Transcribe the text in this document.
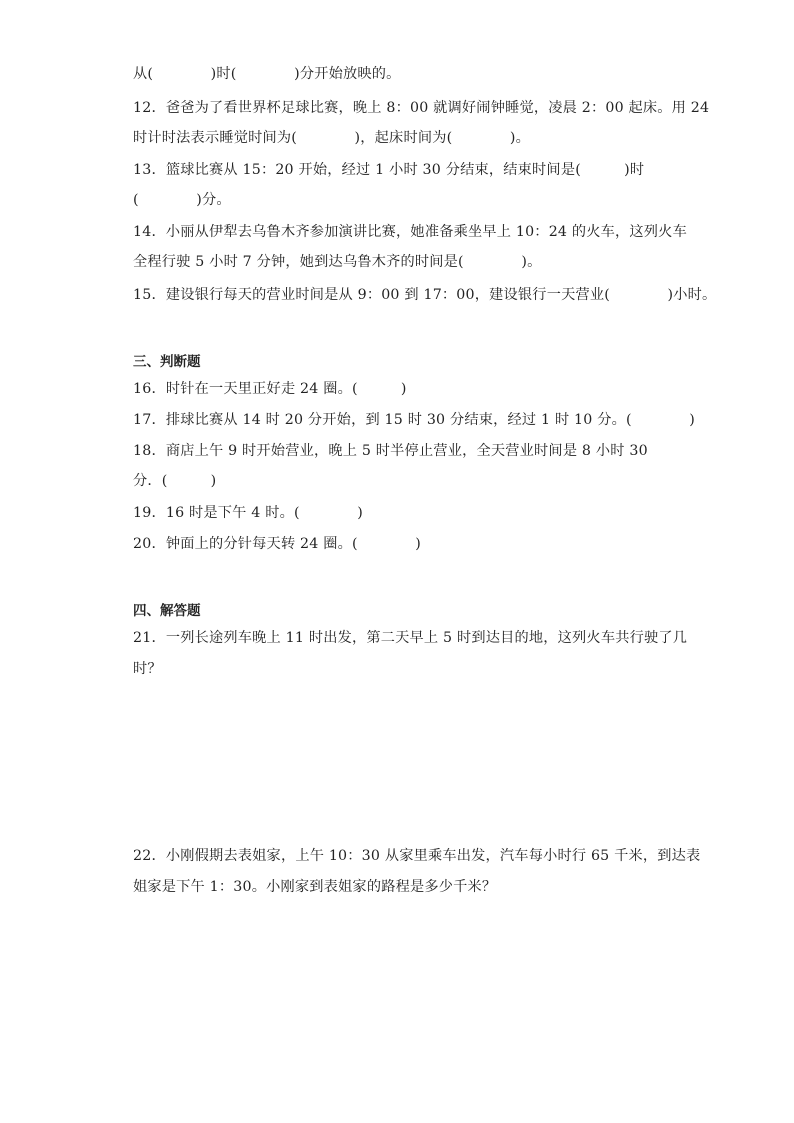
从(　　　　)时(　　　　)分开始放映的。
12．爸爸为了看世界杯足球比赛，晚上 8：00 就调好闹钟睡觉，凌晨 2：00 起床。用 24
时计时法表示睡觉时间为(　　　　)，起床时间为(　　　　)。
13．篮球比赛从 15：20 开始，经过 1 小时 30 分结束，结束时间是(　　　)时
(　　　　)分。
14．小丽从伊犁去乌鲁木齐参加演讲比赛，她准备乘坐早上 10：24 的火车，这列火车
全程行驶 5 小时 7 分钟，她到达乌鲁木齐的时间是(　　　　)。
15．建设银行每天的营业时间是从 9：00 到 17：00，建设银行一天营业(　　　　)小时。
三、判断题
16．时针在一天里正好走 24 圈。(　　　)
17．排球比赛从 14 时 20 分开始，到 15 时 30 分结束，经过 1 时 10 分。(　　　　)
18．商店上午 9 时开始营业，晚上 5 时半停止营业，全天营业时间是 8 小时 30
分．(　　　)
19．16 时是下午 4 时。(　　　　)
20．钟面上的分针每天转 24 圈。(　　　　)
四、解答题
21．一列长途列车晚上 11 时出发，第二天早上 5 时到达目的地，这列火车共行驶了几
时？
22．小刚假期去表姐家，上午 10：30 从家里乘车出发，汽车每小时行 65 千米，到达表
姐家是下午 1：30。小刚家到表姐家的路程是多少千米？
